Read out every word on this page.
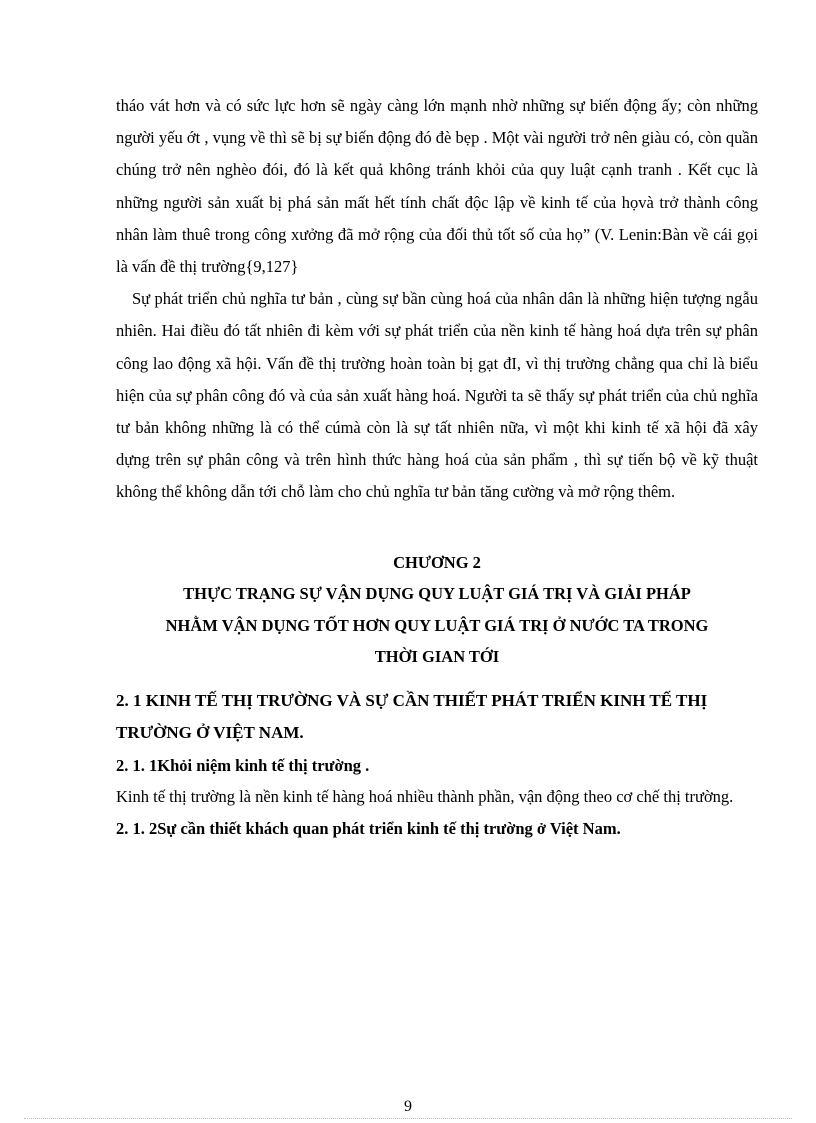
tháo vát hơn và có sức lực hơn sẽ ngày càng lớn mạnh nhờ những sự biến động ấy; còn những người yếu ớt , vụng về thì sẽ bị sự biến động đó đè bẹp . Một vài người trở nên giàu có, còn quần chúng trở nên nghèo đói, đó là kết quả không tránh khỏi của quy luật cạnh tranh . Kết cục là những người sản xuất bị phá sản mất hết tính chất độc lập về kinh tế của họvà trở thành công nhân làm thuê trong công xưởng đã mở rộng của đối thủ tốt số của họ” (V. Lenin:Bàn về cái gọi là vấn đề thị trường{9,127}

Sự phát triển chủ nghĩa tư bản , cùng sự bần cùng hoá của nhân dân là những hiện tượng ngẫu nhiên. Hai điều đó tất nhiên đi kèm với sự phát triển của nền kinh tế hàng hoá dựa trên sự phân công lao động xã hội. Vấn đề thị trường hoàn toàn bị gạt đI, vì thị trường chẳng qua chỉ là biểu hiện của sự phân công đó và của sản xuất hàng hoá. Người ta sẽ thấy sự phát triển của chủ nghĩa tư bản không những là có thể cúmà còn là sự tất nhiên nữa, vì một khi kinh tế xã hội đã xây dựng trên sự phân công và trên hình thức hàng hoá của sản phẩm , thì sự tiến bộ về kỹ thuật không thể không dẫn tới chỗ làm cho chủ nghĩa tư bản tăng cường và mở rộng thêm.

CHƯƠNG 2

THỰC TRẠNG SỰ VẬN DỤNG QUY LUẬT GIÁ TRỊ VÀ GIẢI PHÁP

NHẰM VẬN DỤNG TỐT HƠN QUY LUẬT GIÁ TRỊ Ở NƯỚC TA TRONG

THỜI GIAN TỚI

2. 1 KINH TẾ THỊ TRƯỜNG VÀ SỰ CẦN THIẾT PHÁT TRIỂN KINH TẾ THỊ TRƯỜNG Ở VIỆT NAM.
2. 1. 1Khỏi niệm kinh tế thị trường .

Kinh tế thị trường là nền kinh tế hàng hoá nhiều thành phần, vận động theo cơ chế thị trường.

2. 1. 2Sự cần thiết khách quan phát triển kinh tế thị trường ở Việt Nam.
9
